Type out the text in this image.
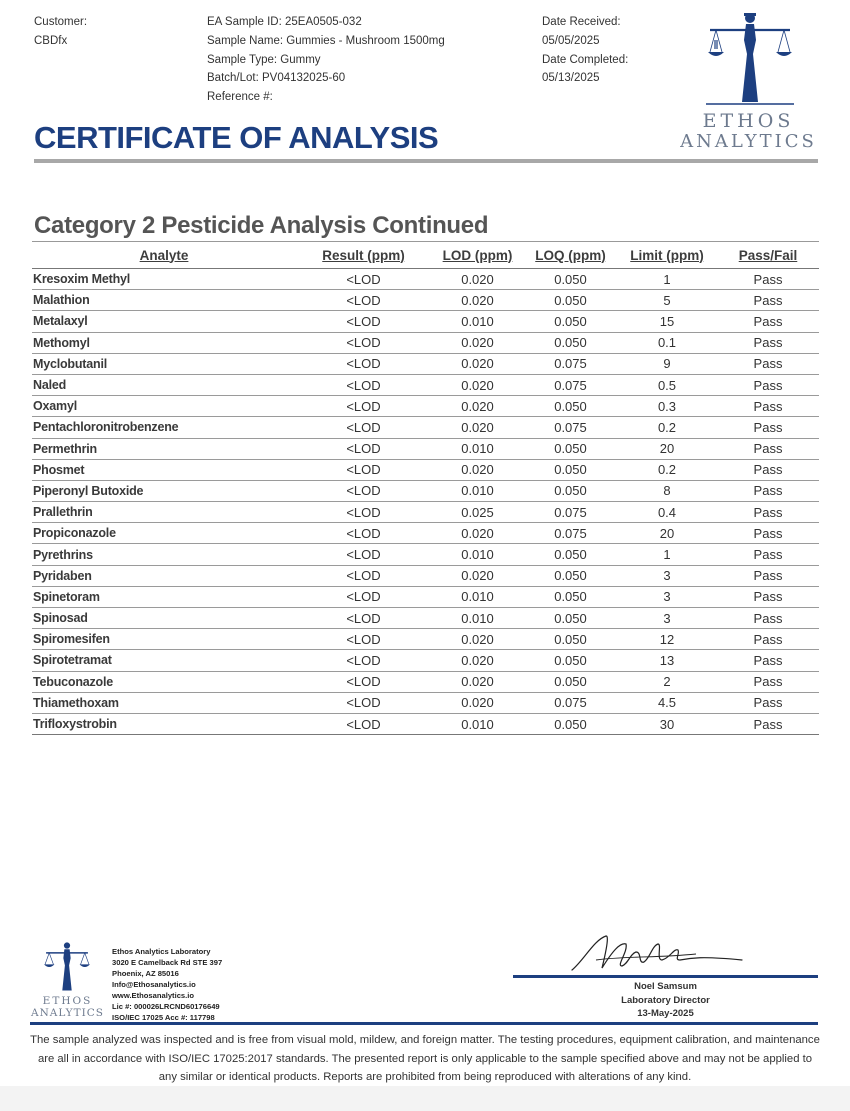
Customer:
CBDfx
EA Sample ID: 25EA0505-032
Sample Name: Gummies - Mushroom 1500mg
Sample Type: Gummy
Batch/Lot: PV04132025-60
Reference #:
Date Received:
05/05/2025
Date Completed:
05/13/2025
ETHOS
ANALYTICS
CERTIFICATE OF ANALYSIS
Category 2 Pesticide Analysis Continued
Analyte	Result (ppm)	LOD (ppm)	LOQ (ppm)	Limit (ppm)	Pass/Fail
Kresoxim Methyl	<LOD	0.020	0.050	1	Pass
Malathion	<LOD	0.020	0.050	5	Pass
Metalaxyl	<LOD	0.010	0.050	15	Pass
Methomyl	<LOD	0.020	0.050	0.1	Pass
Myclobutanil	<LOD	0.020	0.075	9	Pass
Naled	<LOD	0.020	0.075	0.5	Pass
Oxamyl	<LOD	0.020	0.050	0.3	Pass
Pentachloronitrobenzene	<LOD	0.020	0.075	0.2	Pass
Permethrin	<LOD	0.010	0.050	20	Pass
Phosmet	<LOD	0.020	0.050	0.2	Pass
Piperonyl Butoxide	<LOD	0.010	0.050	8	Pass
Prallethrin	<LOD	0.025	0.075	0.4	Pass
Propiconazole	<LOD	0.020	0.075	20	Pass
Pyrethrins	<LOD	0.010	0.050	1	Pass
Pyridaben	<LOD	0.020	0.050	3	Pass
Spinetoram	<LOD	0.010	0.050	3	Pass
Spinosad	<LOD	0.010	0.050	3	Pass
Spiromesifen	<LOD	0.020	0.050	12	Pass
Spirotetramat	<LOD	0.020	0.050	13	Pass
Tebuconazole	<LOD	0.020	0.050	2	Pass
Thiamethoxam	<LOD	0.020	0.075	4.5	Pass
Trifloxystrobin	<LOD	0.010	0.050	30	Pass
ETHOS
ANALYTICS
Ethos Analytics Laboratory
3020 E Camelback Rd STE 397
Phoenix, AZ 85016
Info@Ethosanalytics.io
www.Ethosanalytics.io
Lic #: 000026LRCND60176649
ISO/IEC 17025 Acc #: 117798
Noel Samsum
Laboratory Director
13-May-2025
The sample analyzed was inspected and is free from visual mold, mildew, and foreign matter. The testing procedures, equipment calibration, and maintenance are all in accordance with ISO/IEC 17025:2017 standards. The presented report is only applicable to the sample specified above and may not be applied to any similar or identical products. Reports are prohibited from being reproduced with alterations of any kind.
